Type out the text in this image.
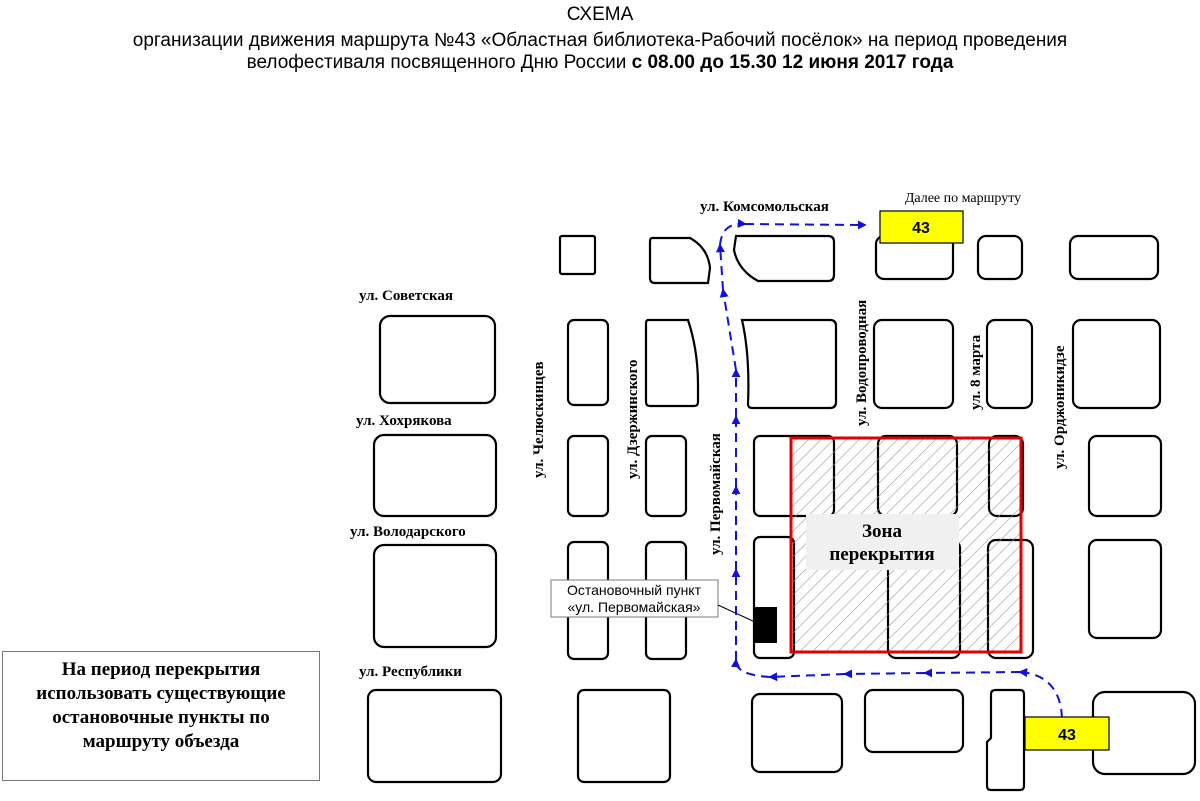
СХЕМА
организации движения маршрута №43 «Областная библиотека-Рабочий посёлок» на период проведения
велофестиваля посвященного Дню России с 08.00 до 15.30 12 июня 2017 года
Зона
перекрытия
Остановочный пункт
«ул. Первомайская»
43
Далее по маршруту
43
ул. Советская
ул. Хохрякова
ул. Володарского
ул. Республики
ул. Комсомольская
ул. Челюскинцев	ул. Дзержинского
ул. Первомайская
ул. Водопроводная	ул. 8 марта	ул. Орджоникидзе
На период перекрытия
использовать существующие
остановочные пункты по
маршруту объезда
